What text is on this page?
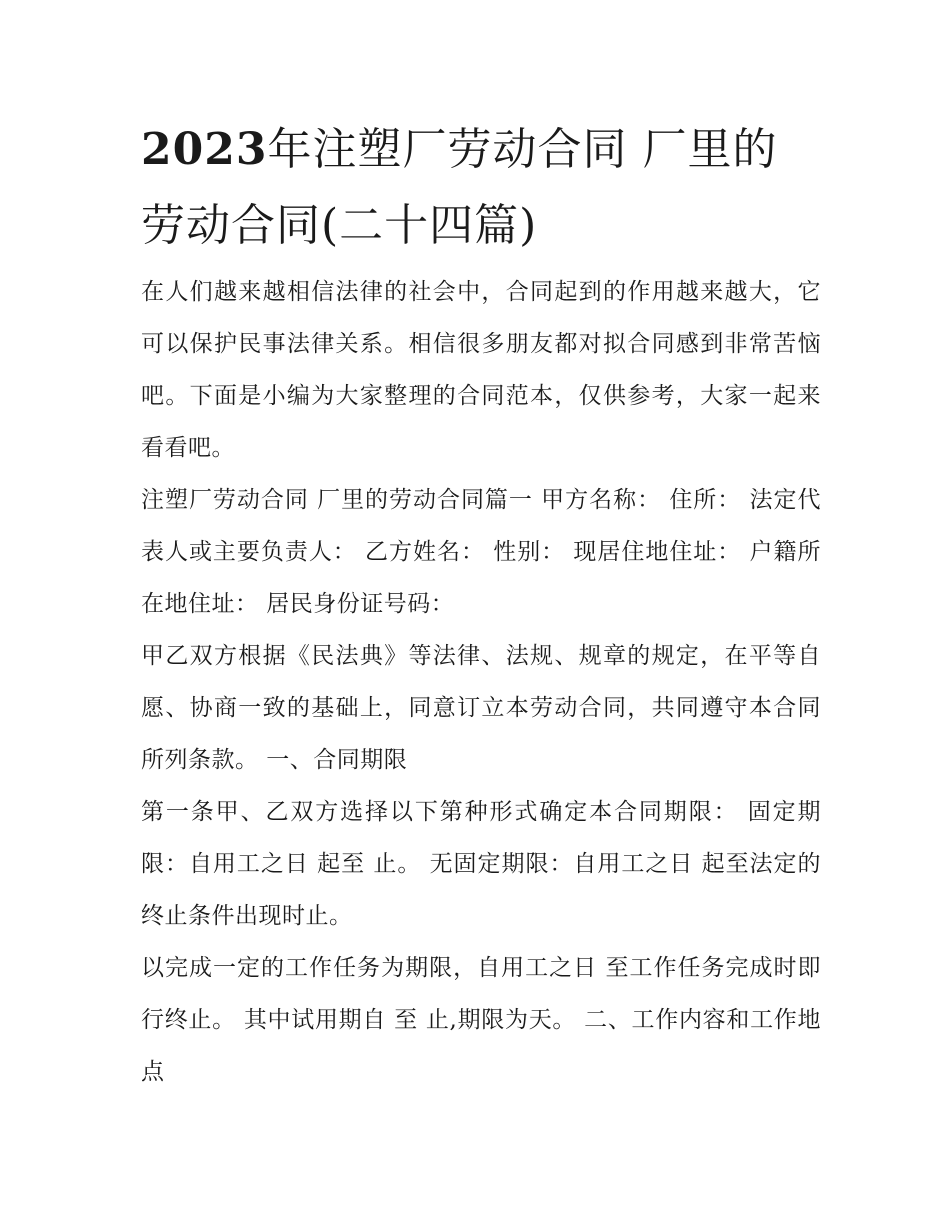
2023年注塑厂劳动合同 厂里的劳动合同(二十四篇)

在人们越来越相信法律的社会中，合同起到的作用越来越大，它可以保护民事法律关系。相信很多朋友都对拟合同感到非常苦恼吧。下面是小编为大家整理的合同范本，仅供参考，大家一起来看看吧。

注塑厂劳动合同 厂里的劳动合同篇一 甲方名称： 住所： 法定代表人或主要负责人： 乙方姓名： 性别： 现居住地住址： 户籍所在地住址： 居民身份证号码：

甲乙双方根据《民法典》等法律、法规、规章的规定，在平等自愿、协商一致的基础上，同意订立本劳动合同，共同遵守本合同所列条款。 一、合同期限

第一条甲、乙双方选择以下第种形式确定本合同期限： 固定期限：自用工之日 起至 止。 无固定期限：自用工之日 起至法定的终止条件出现时止。

以完成一定的工作任务为期限，自用工之日 至工作任务完成时即行终止。 其中试用期自 至 止,期限为天。 二、工作内容和工作地点
